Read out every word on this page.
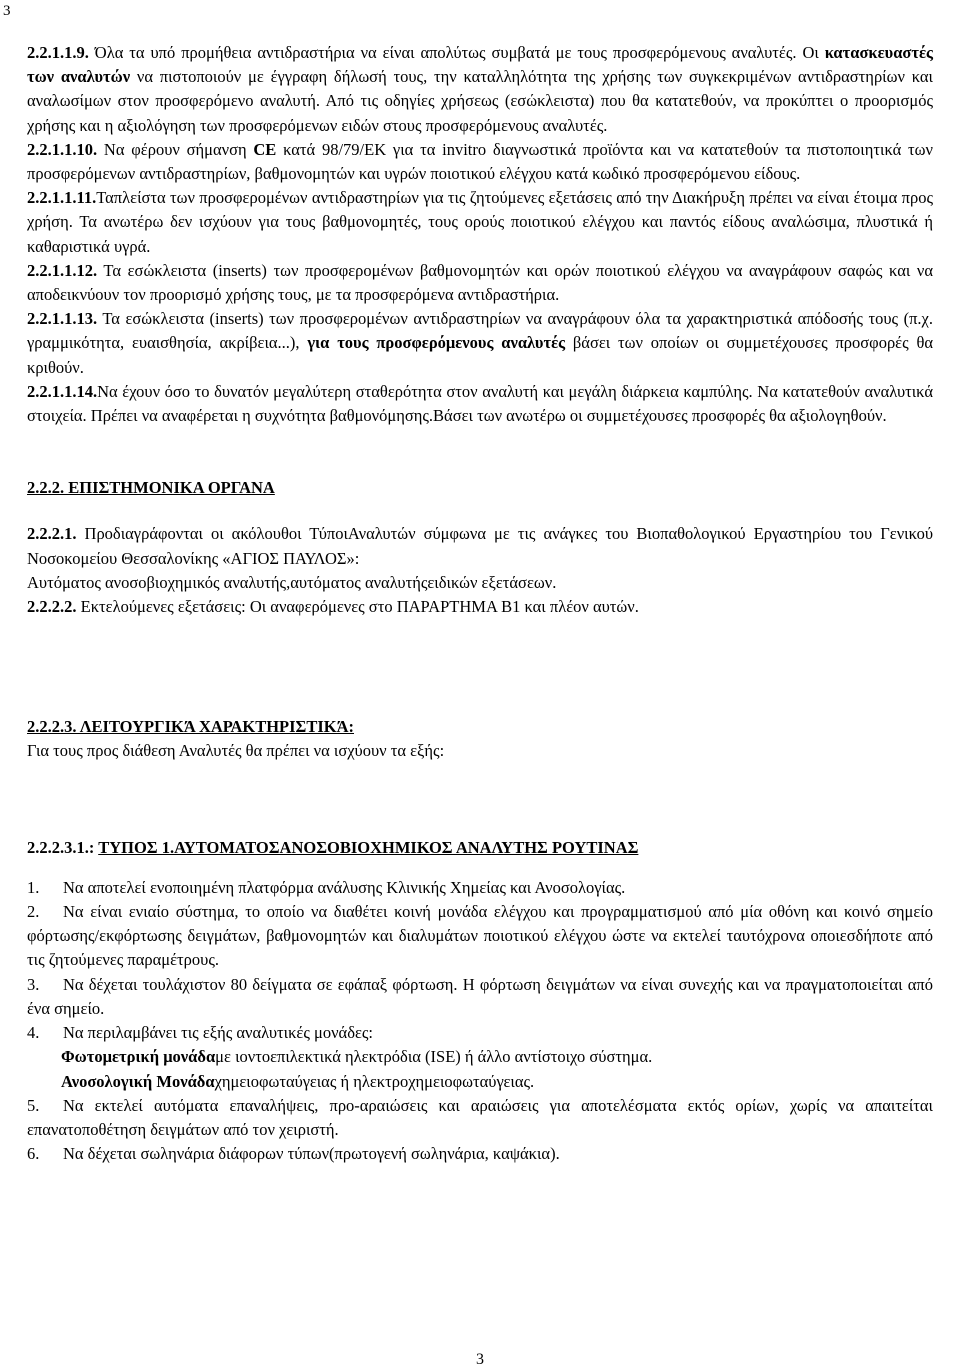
3

2.2.1.1.9. Όλα τα υπό προμήθεια αντιδραστήρια να είναι απολύτως συμβατά με τους προσφερόμενους αναλυτές. Οι κατασκευαστές των αναλυτών να πιστοποιούν με έγγραφη δήλωσή τους, την καταλληλότητα της χρήσης των συγκεκριμένων αντιδραστηρίων και αναλωσίμων στον προσφερόμενο αναλυτή. Από τις οδηγίες χρήσεως (εσώκλειστα) που θα κατατεθούν, να προκύπτει ο προορισμός χρήσης και η αξιολόγηση των προσφερόμενων ειδών στους προσφερόμενους αναλυτές.

2.2.1.1.10. Να φέρουν σήμανση CE κατά 98/79/ΕΚ για τα invitro διαγνωστικά προϊόντα και να κατατεθούν τα πιστοποιητικά των προσφερόμενων αντιδραστηρίων, βαθμονομητών και υγρών ποιοτικού ελέγχου κατά κωδικό προσφερόμενου είδους.

2.2.1.1.11.Ταπλείστα των προσφερομένων αντιδραστηρίων για τις ζητούμενες εξετάσεις από την Διακήρυξη πρέπει να είναι έτοιμα προς χρήση. Τα ανωτέρω δεν ισχύουν για τους βαθμονομητές, τους ορούς ποιοτικού ελέγχου και παντός είδους αναλώσιμα, πλυστικά ή καθαριστικά υγρά.

2.2.1.1.12. Τα εσώκλειστα (inserts) των προσφερομένων βαθμονομητών και ορών ποιοτικού ελέγχου να αναγράφουν σαφώς και να αποδεικνύουν τον προορισμό χρήσης τους, με τα προσφερόμενα αντιδραστήρια.

2.2.1.1.13. Τα εσώκλειστα (inserts) των προσφερομένων αντιδραστηρίων να αναγράφουν όλα τα χαρακτηριστικά απόδοσής τους (π.χ. γραμμικότητα, ευαισθησία, ακρίβεια...), για τους προσφερόμενους αναλυτές βάσει των οποίων οι συμμετέχουσες προσφορές θα κριθούν.

2.2.1.1.14.Να έχουν όσο το δυνατόν μεγαλύτερη σταθερότητα στον αναλυτή και μεγάλη διάρκεια καμπύλης. Να κατατεθούν αναλυτικά στοιχεία. Πρέπει να αναφέρεται η συχνότητα βαθμονόμησης.Βάσει των ανωτέρω οι συμμετέχουσες προσφορές θα αξιολογηθούν.

2.2.2. ΕΠΙΣΤΗΜΟΝΙΚΑ ΟΡΓΑΝΑ

2.2.2.1. Προδιαγράφονται οι ακόλουθοι ΤύποιΑναλυτών σύμφωνα με τις ανάγκες του Βιοπαθολογικού Εργαστηρίου του Γενικού Νοσοκομείου Θεσσαλονίκης «ΑΓΙΟΣ ΠΑΥΛΟΣ»:

Αυτόματος ανοσοβιοχημικός αναλυτής,αυτόματος αναλυτήςειδικών εξετάσεων.

2.2.2.2. Εκτελούμενες εξετάσεις: Οι αναφερόμενες στο ΠΑΡΑΡΤΗΜΑ Β1 και πλέον αυτών.

2.2.2.3. ΛΕΙΤΟΥΡΓΙΚΆ ΧΑΡΑΚΤΗΡΙΣΤΙΚΆ:

Για τους προς διάθεση Αναλυτές θα πρέπει να ισχύουν τα εξής:

2.2.2.3.1.: ΤΥΠΟΣ 1.ΑΥΤΟΜΑΤΟΣΑΝΟΣΟΒΙΟΧΗΜΙΚΟΣ ΑΝΑΛΥΤΗΣ ΡΟΥΤΙΝΑΣ

1. Να αποτελεί ενοποιημένη πλατφόρμα ανάλυσης Κλινικής Χημείας και Ανοσολογίας.

2. Να είναι ενιαίο σύστημα, το οποίο να διαθέτει κοινή μονάδα ελέγχου και προγραμματισμού από μία οθόνη και κοινό σημείο φόρτωσης/εκφόρτωσης δειγμάτων, βαθμονομητών και διαλυμάτων ποιοτικού ελέγχου ώστε να εκτελεί ταυτόχρονα οποιεσδήποτε από τις ζητούμενες παραμέτρους.

3. Να δέχεται τουλάχιστον 80 δείγματα σε εφάπαξ φόρτωση. Η φόρτωση δειγμάτων να είναι συνεχής και να πραγματοποιείται από ένα σημείο.

4. Να περιλαμβάνει τις εξής αναλυτικές μονάδες:

Φωτομετρική μονάδαμε ιοντοεπιλεκτικά ηλεκτρόδια (ISE) ή άλλο αντίστοιχο σύστημα.

Ανοσολογική Μονάδαχημειοφωταύγειας ή ηλεκτροχημειοφωταύγειας.

5. Να εκτελεί αυτόματα επαναλήψεις, προ-αραιώσεις και αραιώσεις για αποτελέσματα εκτός ορίων, χωρίς να απαιτείται επανατοποθέτηση δειγμάτων από τον χειριστή.

6. Να δέχεται σωληνάρια διάφορων τύπων(πρωτογενή σωληνάρια, καψάκια).

3
